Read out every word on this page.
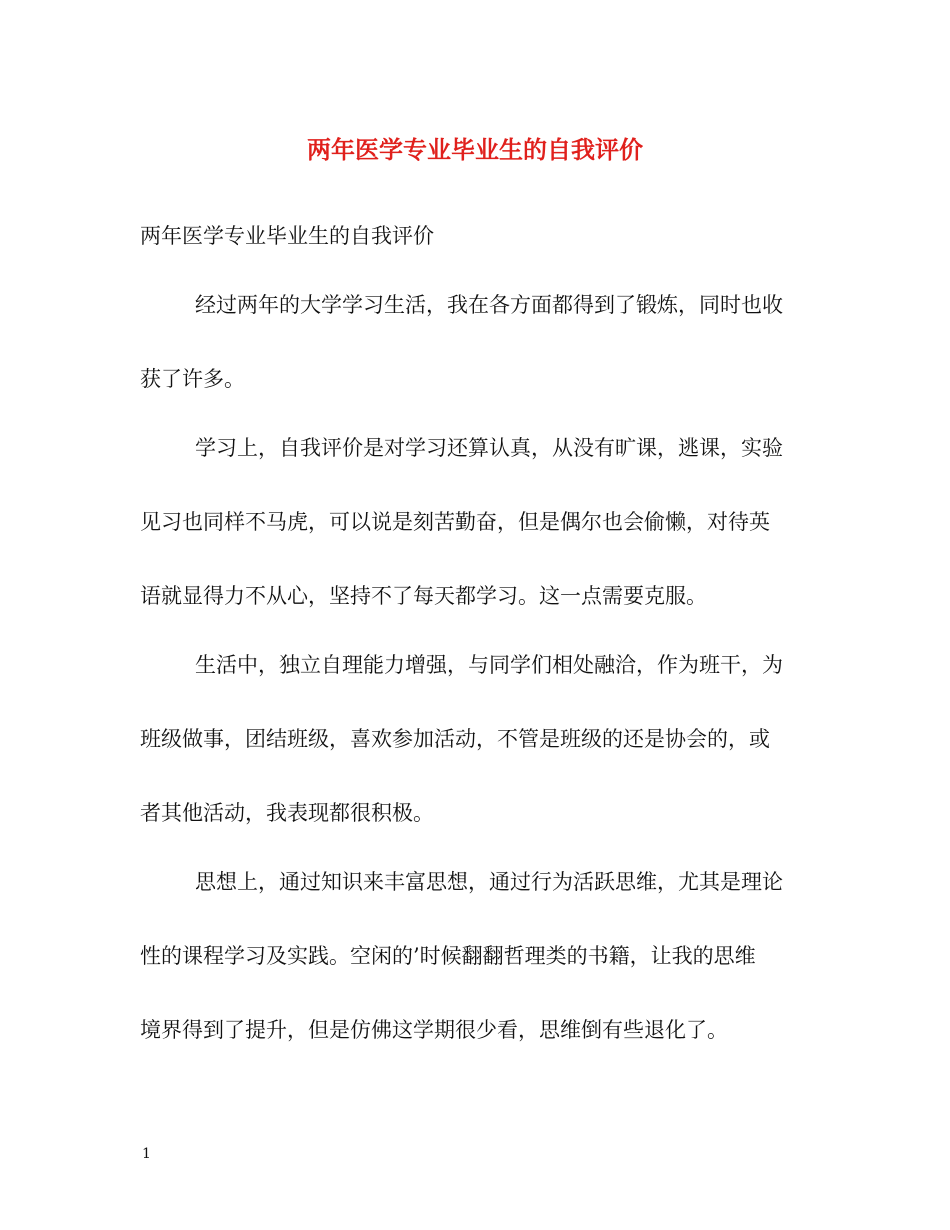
两年医学专业毕业生的自我评价

两年医学专业毕业生的自我评价

经过两年的大学学习生活，我在各方面都得到了锻炼，同时也收

获了许多。

学习上，自我评价是对学习还算认真，从没有旷课，逃课，实验

见习也同样不马虎，可以说是刻苦勤奋，但是偶尔也会偷懒，对待英

语就显得力不从心，坚持不了每天都学习。这一点需要克服。

生活中，独立自理能力增强，与同学们相处融洽，作为班干，为

班级做事，团结班级，喜欢参加活动，不管是班级的还是协会的，或

者其他活动，我表现都很积极。

思想上，通过知识来丰富思想，通过行为活跃思维，尤其是理论

性的课程学习及实践。空闲的’时候翻翻哲理类的书籍，让我的思维

境界得到了提升，但是仿佛这学期很少看，思维倒有些退化了。

1
